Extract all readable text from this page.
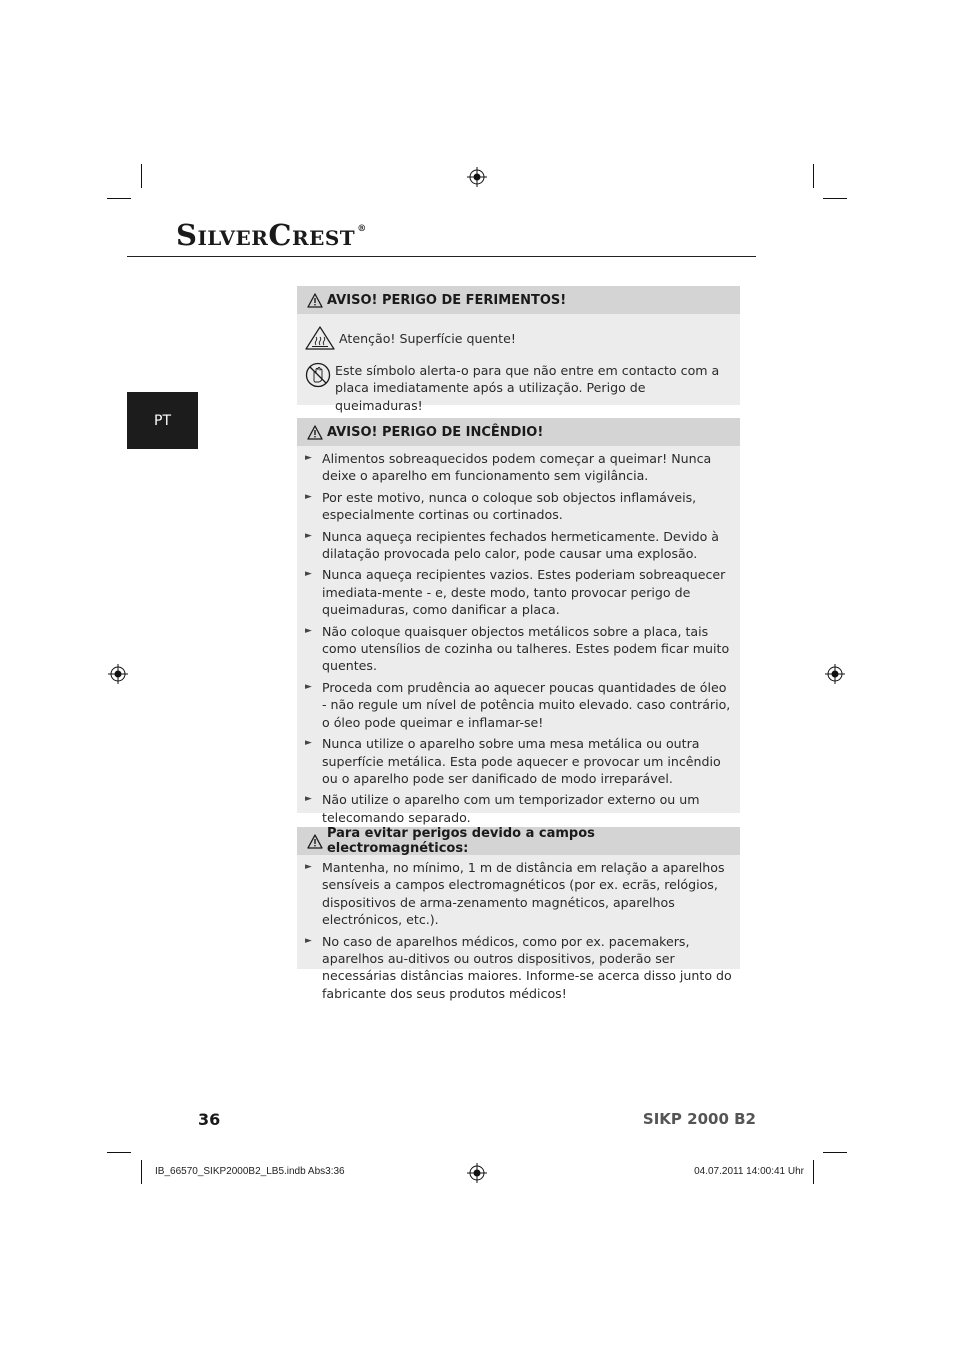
S ILVER C REST ®
PT
AVISO! PERIGO DE FERIMENTOS!
Atenção! Superfície quente!
Este símbolo alerta-o para que não entre em contacto com a placa imediatamente após a utilização. Perigo de queimaduras!
AVISO! PERIGO DE INCÊNDIO!
► Alimentos sobreaquecidos podem começar a queimar! Nunca deixe o aparelho em funcionamento sem vigilância.
► Por este motivo, nunca o coloque sob objectos inflamáveis, especialmente cortinas ou cortinados.
► Nunca aqueça recipientes fechados hermeticamente. Devido à dilatação provocada pelo calor, pode causar uma explosão.
► Nunca aqueça recipientes vazios. Estes poderiam sobreaquecer imediata-mente - e, deste modo, tanto provocar perigo de queimaduras, como danificar a placa.
► Não coloque quaisquer objectos metálicos sobre a placa, tais como utensílios de cozinha ou talheres. Estes podem ficar muito quentes.
► Proceda com prudência ao aquecer poucas quantidades de óleo - não regule um nível de potência muito elevado. caso contrário, o óleo pode queimar e inflamar-se!
► Nunca utilize o aparelho sobre uma mesa metálica ou outra superfície metálica. Esta pode aquecer e provocar um incêndio ou o aparelho pode ser danificado de modo irreparável.
► Não utilize o aparelho com um temporizador externo ou um telecomando separado.
Para evitar perigos devido a campos electromagnéticos:
► Mantenha, no mínimo, 1 m de distância em relação a aparelhos sensíveis a campos electromagnéticos (por ex. ecrãs, relógios, dispositivos de arma-zenamento magnéticos, aparelhos electrónicos, etc.).
► No caso de aparelhos médicos, como por ex. pacemakers, aparelhos au-ditivos ou outros dispositivos, poderão ser necessárias distâncias maiores. Informe-se acerca disso junto do fabricante dos seus produtos médicos!
36	SIKP 2000 B2
IB_66570_SIKP2000B2_LB5.indb Abs3:36	04.07.2011 14:00:41 Uhr
